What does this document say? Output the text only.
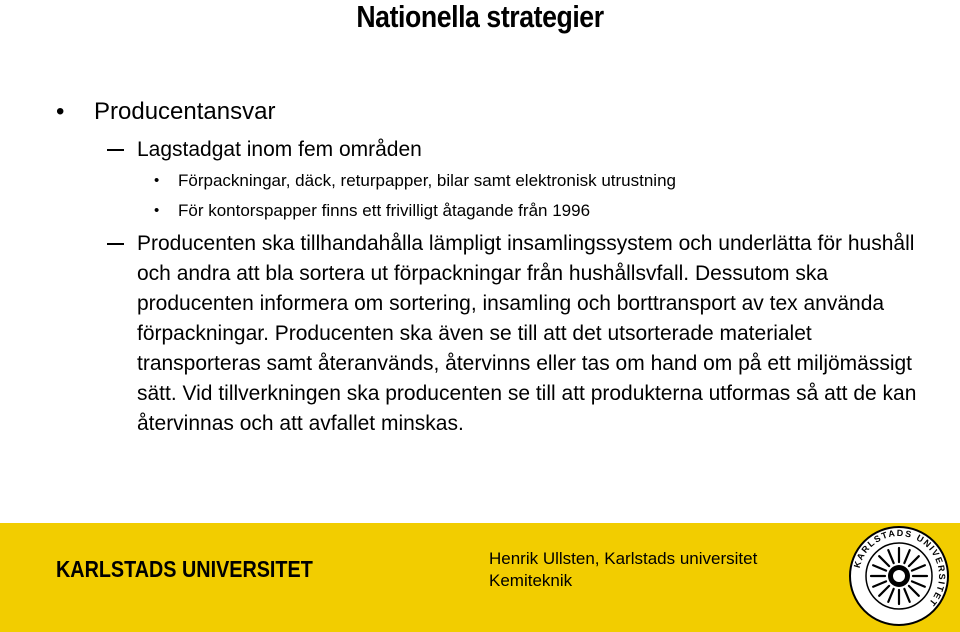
Nationella strategier
• Producentansvar
Lagstadgat inom fem områden
• Förpackningar, däck, returpapper, bilar samt elektronisk utrustning
• För kontorspapper finns ett frivilligt åtagande från 1996
Producenten ska tillhandahålla lämpligt insamlingssystem och underlätta för hushåll och andra att bla sortera ut förpackningar från hushållsvfall. Dessutom ska producenten informera om sortering, insamling och borttransport av tex använda förpackningar. Producenten ska även se till att det utsorterade materialet transporteras samt återanvänds, återvinns eller tas om hand om på ett miljömässigt sätt. Vid tillverkningen ska producenten se till att produkterna utformas så att de kan återvinnas och att avfallet minskas.
KARLSTADS UNIVERSITET	Henrik Ullsten, Karlstads universitet
Kemiteknik
KARLSTADS UNIVERSITET
